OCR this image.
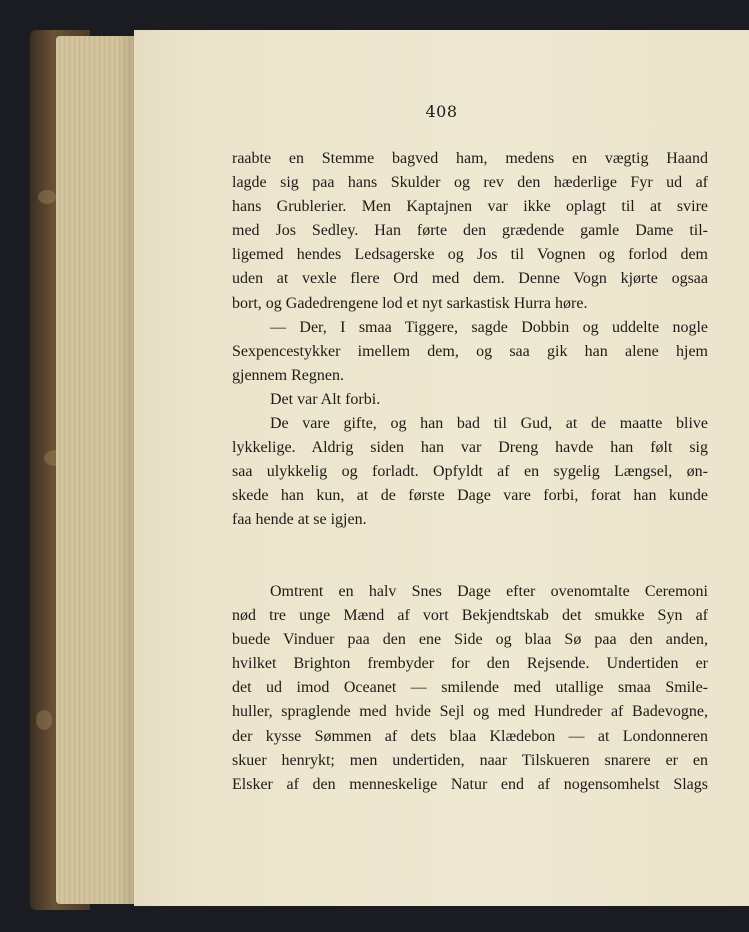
408
raabte en Stemme bagved ham, medens en vægtig Haand
lagde sig paa hans Skulder og rev den hæderlige Fyr ud af
hans Grublerier. Men Kaptajnen var ikke oplagt til at svire
med Jos Sedley. Han førte den grædende gamle Dame til-
ligemed hendes Ledsagerske og Jos til Vognen og forlod dem
uden at vexle flere Ord med dem. Denne Vogn kjørte ogsaa
bort, og Gadedrengene lod et nyt sarkastisk Hurra høre.
— Der, I smaa Tiggere, sagde Dobbin og uddelte nogle
Sexpencestykker imellem dem, og saa gik han alene hjem
gjennem Regnen.
Det var Alt forbi.
De vare gifte, og han bad til Gud, at de maatte blive
lykkelige. Aldrig siden han var Dreng havde han følt sig
saa ulykkelig og forladt. Opfyldt af en sygelig Længsel, øn-
skede han kun, at de første Dage vare forbi, forat han kunde
faa hende at se igjen.
Omtrent en halv Snes Dage efter ovenomtalte Ceremoni
nød tre unge Mænd af vort Bekjendtskab det smukke Syn af
buede Vinduer paa den ene Side og blaa Sø paa den anden,
hvilket Brighton frembyder for den Rejsende. Undertiden er
det ud imod Oceanet — smilende med utallige smaa Smile-
huller, spraglende med hvide Sejl og med Hundreder af Badevogne,
der kysse Sømmen af dets blaa Klædebon — at Londonneren
skuer henrykt; men undertiden, naar Tilskueren snarere er en
Elsker af den menneskelige Natur end af nogensomhelst Slags
